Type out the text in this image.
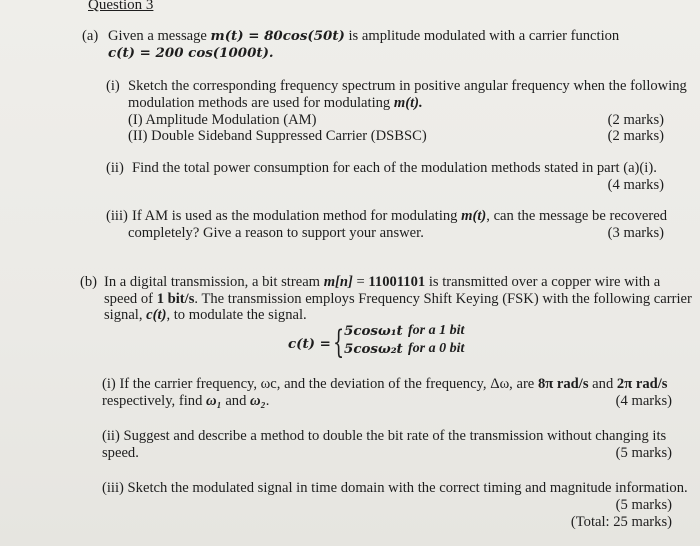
Question 3
(a) Given a message m(t) = 80cos(50t) is amplitude modulated with a carrier function
c(t) = 200 cos(1000t).
(i) Sketch the corresponding frequency spectrum in positive angular frequency when the following
modulation methods are used for modulating m(t).
(I) Amplitude Modulation (AM)	(2 marks)
(II) Double Sideband Suppressed Carrier (DSBSC)	(2 marks)
(ii) Find the total power consumption for each of the modulation methods stated in part (a)(i).
(4 marks)
(iii) If AM is used as the modulation method for modulating m(t), can the message be recovered
completely? Give a reason to support your answer.	(3 marks)
(b) In a digital transmission, a bit stream m[n] = 11001101 is transmitted over a copper wire with a
speed of 1 bit/s. The transmission employs Frequency Shift Keying (FSK) with the following carrier
signal, c(t), to modulate the signal.
c(t) = { 5cosω₁t for a 1 bit
5cosω₂t for a 0 bit
(i) If the carrier frequency, ωc, and the deviation of the frequency, Δω, are 8π rad/s and 2π rad/s
respectively, find ω₁ and ω₂.	(4 marks)
(ii) Suggest and describe a method to double the bit rate of the transmission without changing its
speed.	(5 marks)
(iii) Sketch the modulated signal in time domain with the correct timing and magnitude information.
(5 marks)
(Total: 25 marks)
